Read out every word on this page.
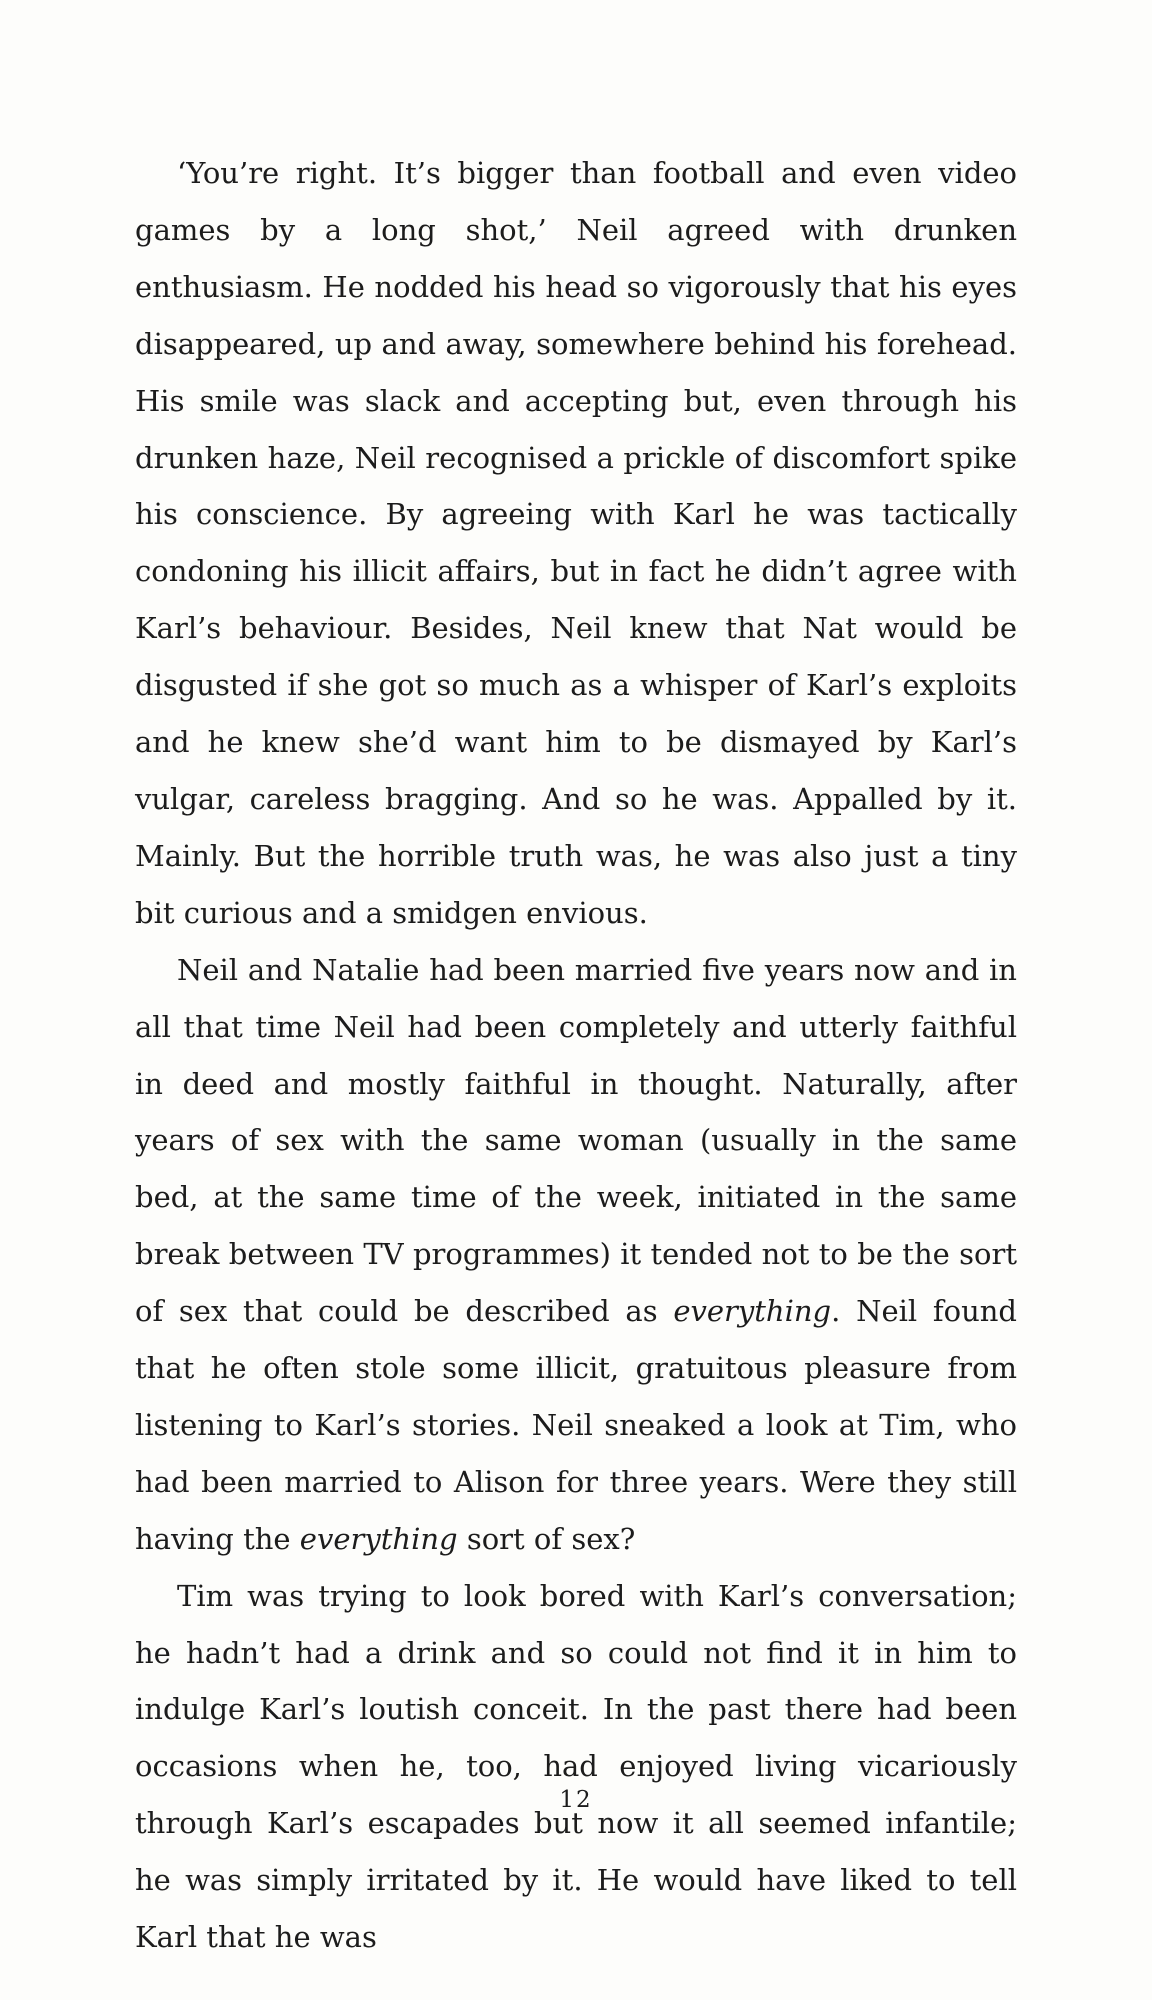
‘You’re right. It’s bigger than football and even video games by a long shot,’ Neil agreed with drunken enthusiasm. He nodded his head so vigorously that his eyes disappeared, up and away, somewhere behind his forehead. His smile was slack and accepting but, even through his drunken haze, Neil recognised a prickle of discomfort spike his conscience. By agreeing with Karl he was tactically condoning his illicit affairs, but in fact he didn’t agree with Karl’s behaviour. Besides, Neil knew that Nat would be disgusted if she got so much as a whisper of Karl’s exploits and he knew she’d want him to be dismayed by Karl’s vulgar, careless bragging. And so he was. Appalled by it. Mainly. But the horrible truth was, he was also just a tiny bit curious and a smidgen envious.

Neil and Natalie had been married five years now and in all that time Neil had been completely and utterly faithful in deed and mostly faithful in thought. Naturally, after years of sex with the same woman (usually in the same bed, at the same time of the week, initiated in the same break between TV programmes) it tended not to be the sort of sex that could be described as everything. Neil found that he often stole some illicit, gratuitous pleasure from listening to Karl’s stories. Neil sneaked a look at Tim, who had been married to Alison for three years. Were they still having the everything sort of sex?

Tim was trying to look bored with Karl’s conversation; he hadn’t had a drink and so could not find it in him to indulge Karl’s loutish conceit. In the past there had been occasions when he, too, had enjoyed living vicariously through Karl’s escapades but now it all seemed infantile; he was simply irritated by it. He would have liked to tell Karl that he was

12
